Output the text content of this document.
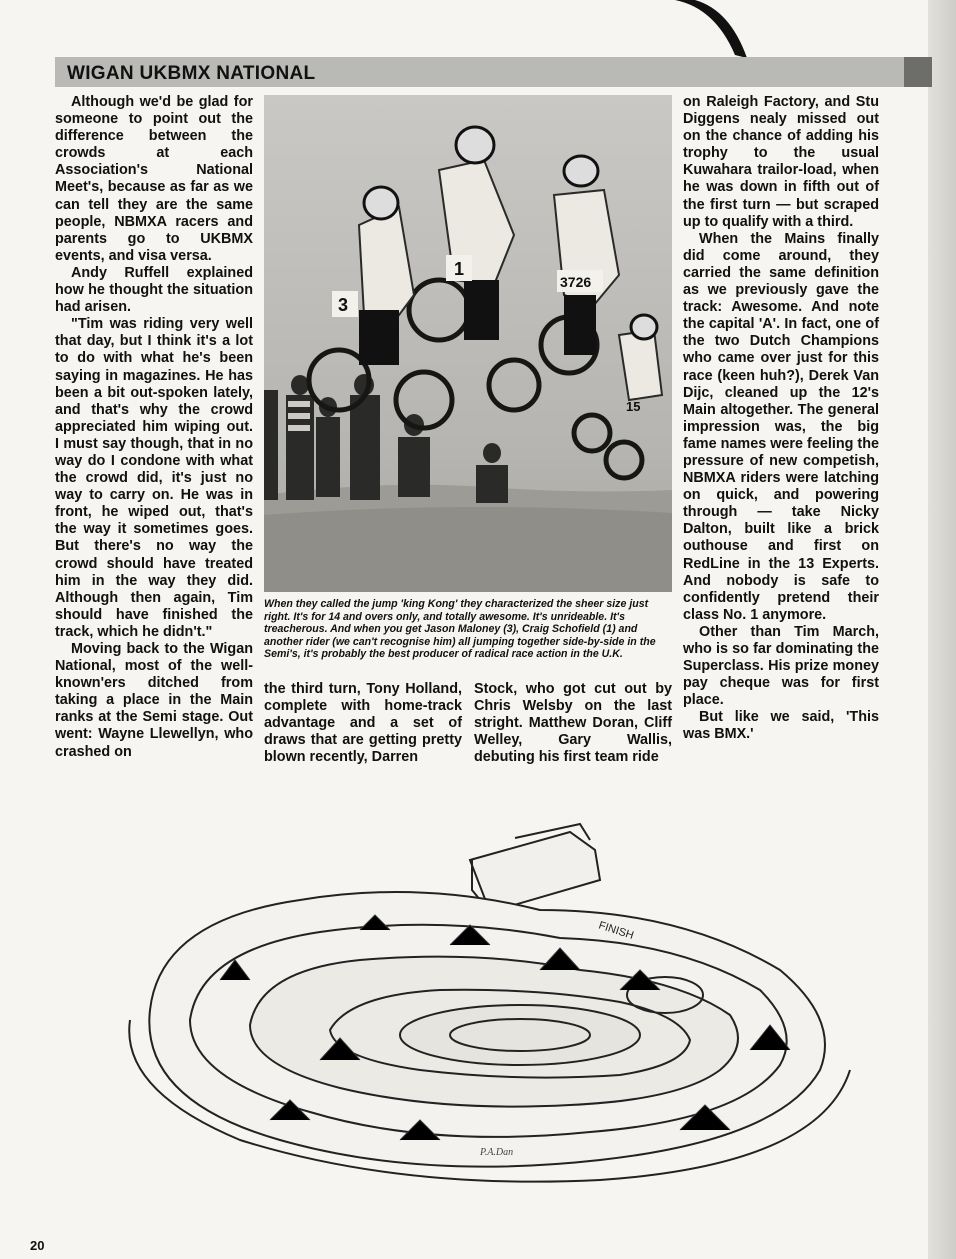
WIGAN UKBMX NATIONAL

Although we'd be glad for someone to point out the difference between the crowds at each Association's National Meet's, because as far as we can tell they are the same people, NBMXA racers and parents go to UKBMX events, and visa versa.

Andy Ruffell explained how he thought the situation had arisen.

"Tim was riding very well that day, but I think it's a lot to do with what he's been saying in magazines. He has been a bit out-spoken lately, and that's why the crowd appreciated him wiping out. I must say though, that in no way do I condone with what the crowd did, it's just no way to carry on. He was in front, he wiped out, that's the way it sometimes goes. But there's no way the crowd should have treated him in the way they did. Although then again, Tim should have finished the track, which he didn't."

Moving back to the Wigan National, most of the well-known'ers ditched from taking a place in the Main ranks at the Semi stage. Out went: Wayne Llewellyn, who crashed on

3
1
3726
15

When they called the jump 'king Kong' they characterized the sheer size just right. It's for 14 and overs only, and totally awesome. It's unrideable. It's treacherous. And when you get Jason Maloney (3), Craig Schofield (1) and another rider (we can't recognise him) all jumping together side-by-side in the Semi's, it's probably the best producer of radical race action in the U.K.

the third turn, Tony Holland, complete with home-track advantage and a set of draws that are getting pretty blown recently, Darren

Stock, who got cut out by Chris Welsby on the last stright. Matthew Doran, Cliff Welley, Gary Wallis, debuting his first team ride

on Raleigh Factory, and Stu Diggens nealy missed out on the chance of adding his trophy to the usual Kuwahara trailor-load, when he was down in fifth out of the first turn — but scraped up to qualify with a third.

When the Mains finally did come around, they carried the same definition as we previously gave the track: Awesome. And note the capital 'A'. In fact, one of the two Dutch Champions who came over just for this race (keen huh?), Derek Van Dijc, cleaned up the 12's Main altogether. The general impression was, the big fame names were feeling the pressure of new competish, NBMXA riders were latching on quick, and powering through — take Nicky Dalton, built like a brick outhouse and first on RedLine in the 13 Experts. And nobody is safe to confidently pretend their class No. 1 anymore.

Other than Tim March, who is so far dominating the Superclass. His prize money pay cheque was for first place.

But like we said, 'This was BMX.'

FINISH
P.A.Dan
20
